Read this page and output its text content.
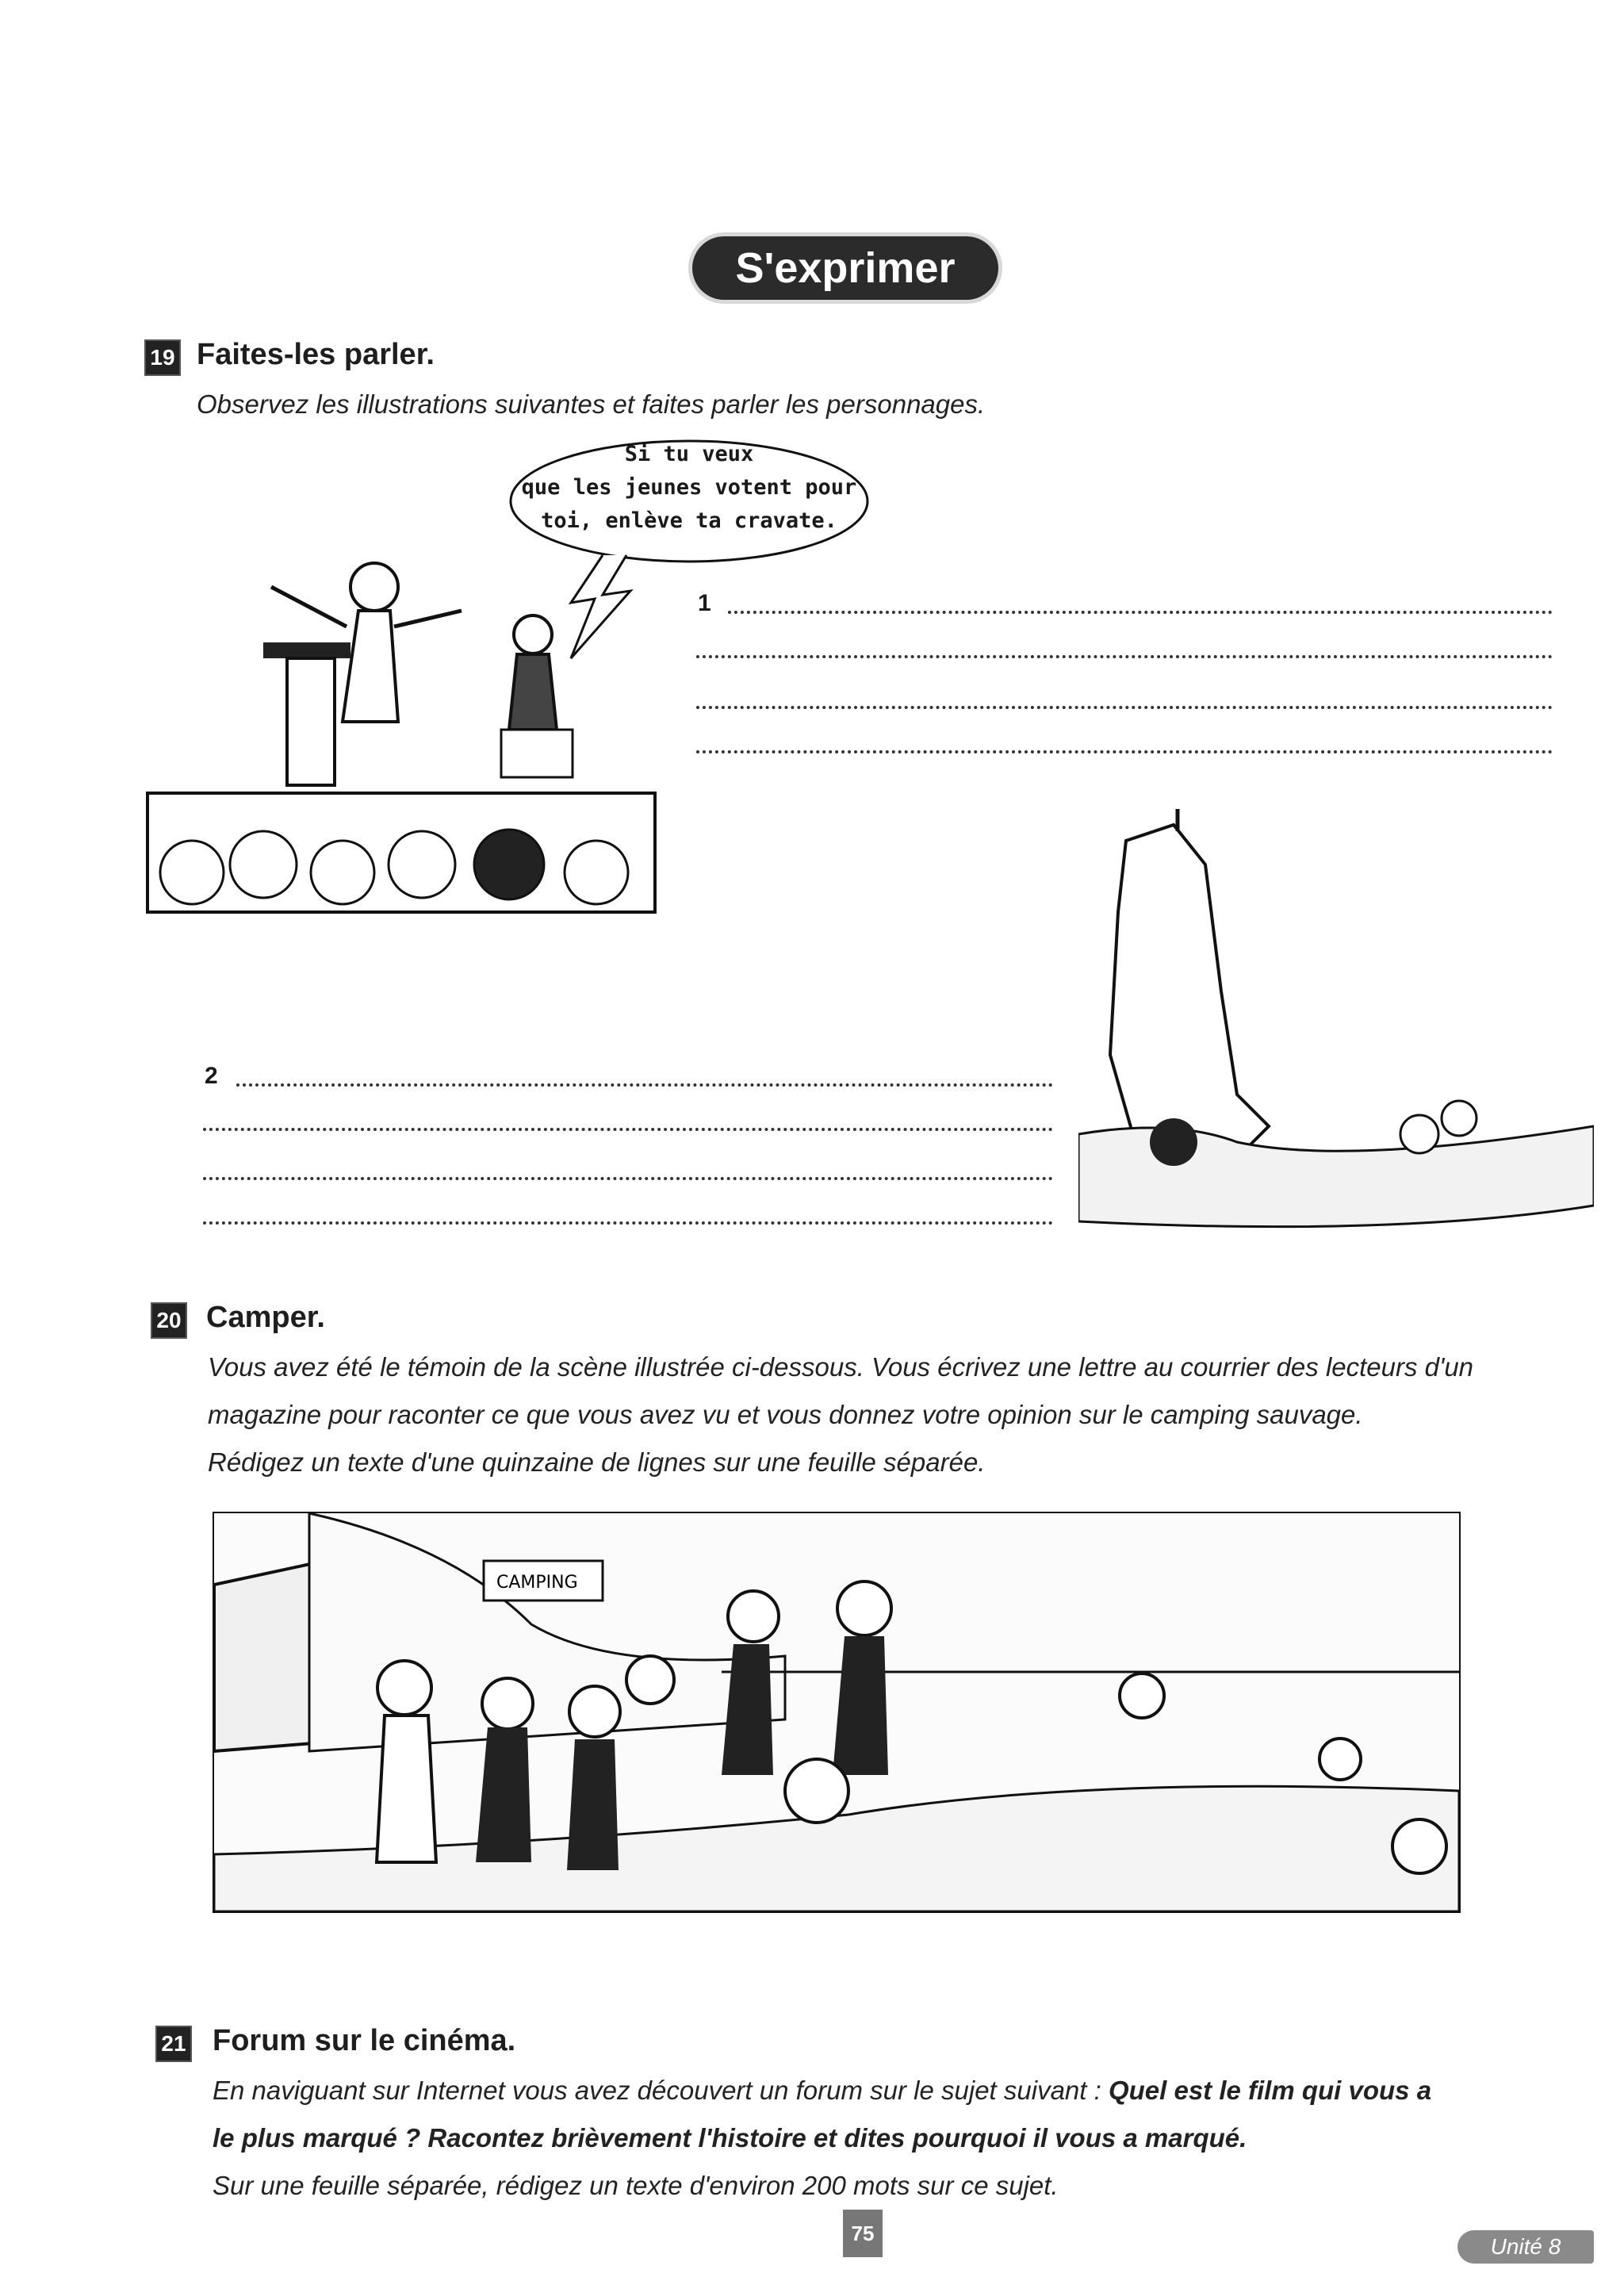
S'exprimer
19 Faites-les parler.
Observez les illustrations suivantes et faites parler les personnages.
Si tu veux
que les jeunes votent pour
toi, enlève ta cravate.
1
2
20 Camper.
Vous avez été le témoin de la scène illustrée ci-dessous. Vous écrivez une lettre au courrier des lecteurs d'un
magazine pour raconter ce que vous avez vu et vous donnez votre opinion sur le camping sauvage.
Rédigez un texte d'une quinzaine de lignes sur une feuille séparée.
CAMPING
21 Forum sur le cinéma.
En naviguant sur Internet vous avez découvert un forum sur le sujet suivant : Quel est le film qui vous a
le plus marqué ? Racontez brièvement l'histoire et dites pourquoi il vous a marqué.
Sur une feuille séparée, rédigez un texte d'environ 200 mots sur ce sujet.
75
Unité 8
